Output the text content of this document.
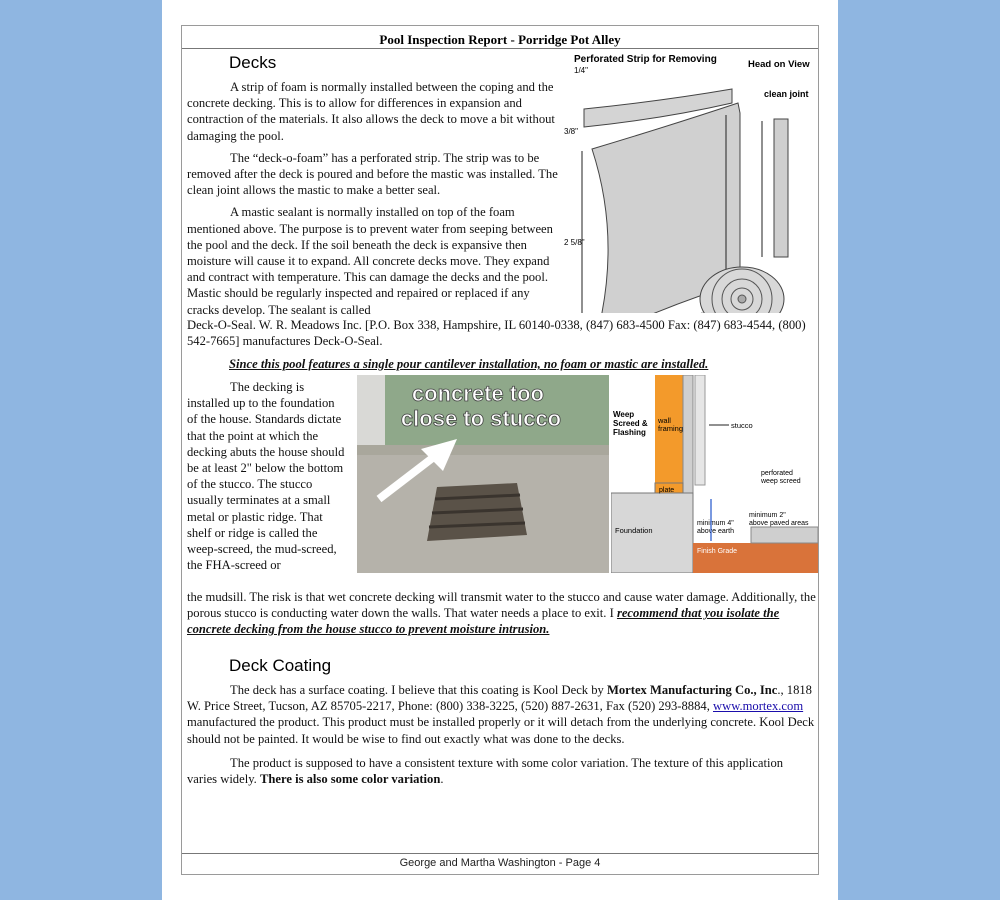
Pool Inspection Report - Porridge Pot Alley
Decks

A strip of foam is normally installed between the coping and the concrete decking. This is to allow for differences in expansion and contraction of the materials. It also allows the deck to move a bit without damaging the pool.

The “deck-o-foam” has a perforated strip. The strip was to be removed after the deck is poured and before the mastic was installed. The clean joint allows the mastic to make a better seal.

A mastic sealant is normally installed on top of the foam mentioned above. The purpose is to prevent water from seeping between the pool and the deck. If the soil beneath the deck is expansive then moisture will cause it to expand. All concrete decks move. They expand and contract with temperature. This can damage the decks and the pool. Mastic should be regularly inspected and repaired or replaced if any cracks develop. The sealant is called

Deck-O-Seal. W. R. Meadows Inc. [P.O. Box 338, Hampshire, IL 60140-0338, (847) 683-4500 Fax: (847) 683-4544, (800) 542-7665] manufactures Deck-O-Seal.
Perforated Strip for Removing	Head on View
1/4"
3/8"
2 5/8"
clean joint
Since this pool features a single pour cantilever installation, no foam or mastic are installed.

The decking is installed up to the foundation of the house. Standards dictate that the point at which the decking abuts the house should be at least 2" below the bottom of the stucco. The stucco usually terminates at a small metal or plastic ridge. That shelf or ridge is called the weep-screed, the mud-screed, the FHA-screed or

concrete too close to stucco	Weep Screed & Flashing
wall framing	stucco
perforated weep screed
plate
minimum 2" above paved areas
minimum 4" above earth
Foundation
Finish Grade
the mudsill. The risk is that wet concrete decking will transmit water to the stucco and cause water damage. Additionally, the porous stucco is conducting water down the walls. That water needs a place to exit. I recommend that you isolate the concrete decking from the house stucco to prevent moisture intrusion.
Deck Coating

The deck has a surface coating. I believe that this coating is Kool Deck by Mortex Manufacturing Co., Inc., 1818 W. Price Street, Tucson, AZ 85705-2217, Phone: (800) 338-3225, (520) 887-2631, Fax (520) 293-8884, www.mortex.com manufactured the product. This product must be installed properly or it will detach from the underlying concrete. Kool Deck should not be painted. It would be wise to find out exactly what was done to the decks.

The product is supposed to have a consistent texture with some color variation. The texture of this application varies widely. There is also some color variation.

George and Martha Washington - Page 4
